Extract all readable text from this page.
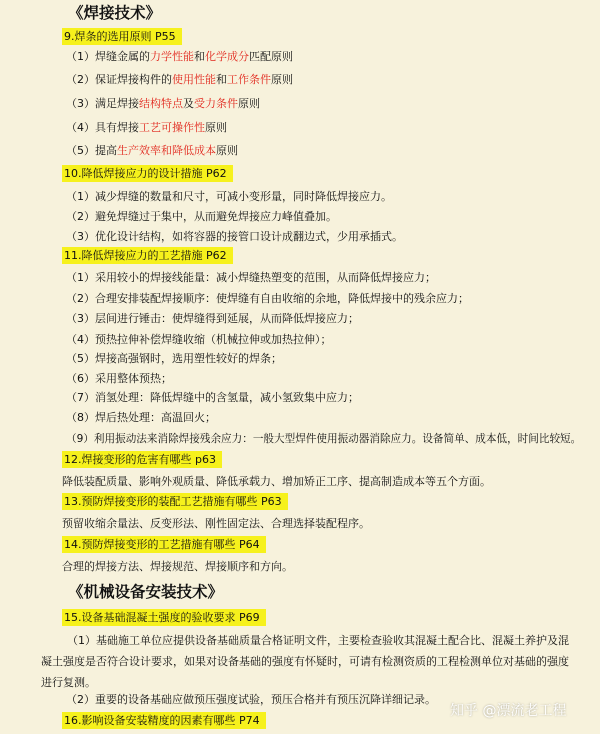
《焊接技术》
9.焊条的选用原则 P55
（1）焊缝金属的力学性能和化学成分匹配原则
（2）保证焊接构件的使用性能和工作条件原则
（3）满足焊接结构特点及受力条件原则
（4）具有焊接工艺可操作性原则
（5）提高生产效率和降低成本原则
10.降低焊接应力的设计措施 P62
（1）减少焊缝的数量和尺寸，可减小变形量，同时降低焊接应力。
（2）避免焊缝过于集中，从而避免焊接应力峰值叠加。
（3）优化设计结构，如将容器的接管口设计成翻边式，少用承插式。
11.降低焊接应力的工艺措施 P62
（1）采用较小的焊接线能量：减小焊缝热塑变的范围，从而降低焊接应力；
（2）合理安排装配焊接顺序：使焊缝有自由收缩的余地，降低焊接中的残余应力；
（3）层间进行锤击：使焊缝得到延展，从而降低焊接应力；
（4）预热拉伸补偿焊缝收缩（机械拉伸或加热拉伸）；
（5）焊接高强钢时，选用塑性较好的焊条；
（6）采用整体预热；
（7）消氢处理：降低焊缝中的含氢量，减小氢致集中应力；
（8）焊后热处理：高温回火；
（9）利用振动法来消除焊接残余应力：一般大型焊件使用振动器消除应力。设备简单、成本低，时间比较短。
12.焊接变形的危害有哪些 p63
降低装配质量、影响外观质量、降低承载力、增加矫正工序、提高制造成本等五个方面。
13.预防焊接变形的装配工艺措施有哪些 P63
预留收缩余量法、反变形法、刚性固定法、合理选择装配程序。
14.预防焊接变形的工艺措施有哪些 P64
合理的焊接方法、焊接规范、焊接顺序和方向。
《机械设备安装技术》
15.设备基础混凝土强度的验收要求 P69
（1）基础施工单位应提供设备基础质量合格证明文件，主要检查验收其混凝土配合比、混凝土养护及混凝土强度是否符合设计要求，如果对设备基础的强度有怀疑时，可请有检测资质的工程检测单位对基础的强度进行复测。
（2）重要的设备基础应做预压强度试验，预压合格并有预压沉降详细记录。
16.影响设备安装精度的因素有哪些 P74
知乎 @漂流老工程
